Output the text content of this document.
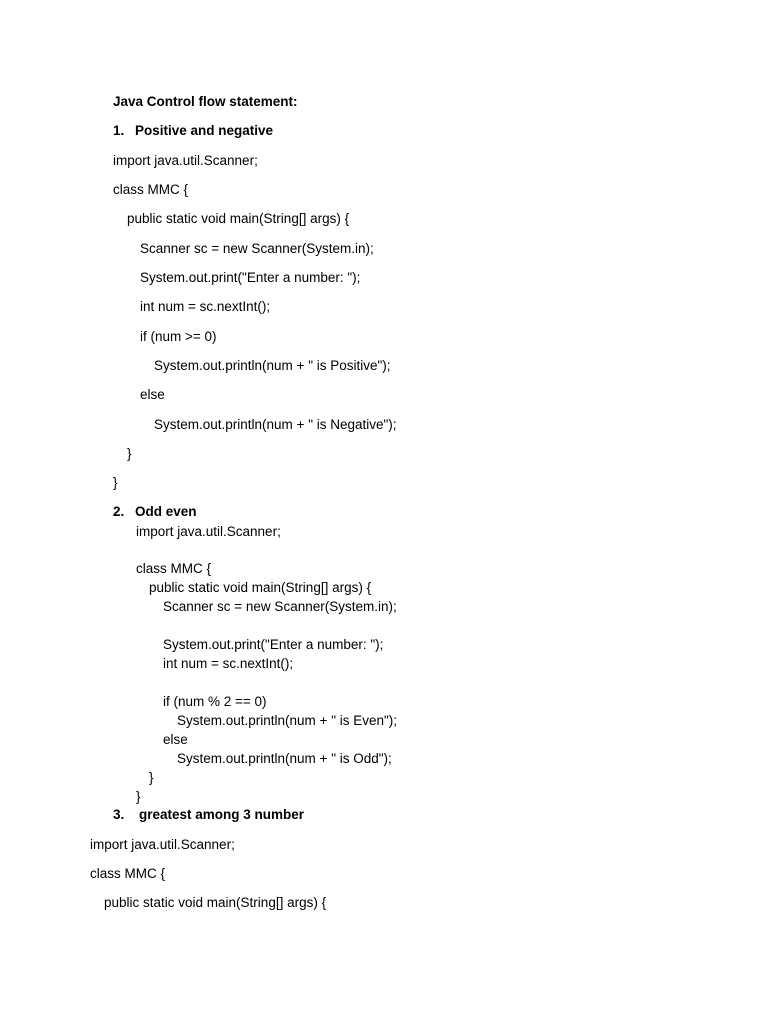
Java Control flow statement:

1. Positive and negative

import java.util.Scanner;

class MMC {

public static void main(String[] args) {

Scanner sc = new Scanner(System.in);

System.out.print("Enter a number: ");

int num = sc.nextInt();

if (num >= 0)

System.out.println(num + " is Positive");

else

System.out.println(num + " is Negative");

}

}

2. Odd even

import java.util.Scanner;

class MMC {

public static void main(String[] args) {

Scanner sc = new Scanner(System.in);

System.out.print("Enter a number: ");

int num = sc.nextInt();

if (num % 2 == 0)

System.out.println(num + " is Even");

else

System.out.println(num + " is Odd");

}

}

3. greatest among 3 number

import java.util.Scanner;

class MMC {

public static void main(String[] args) {
